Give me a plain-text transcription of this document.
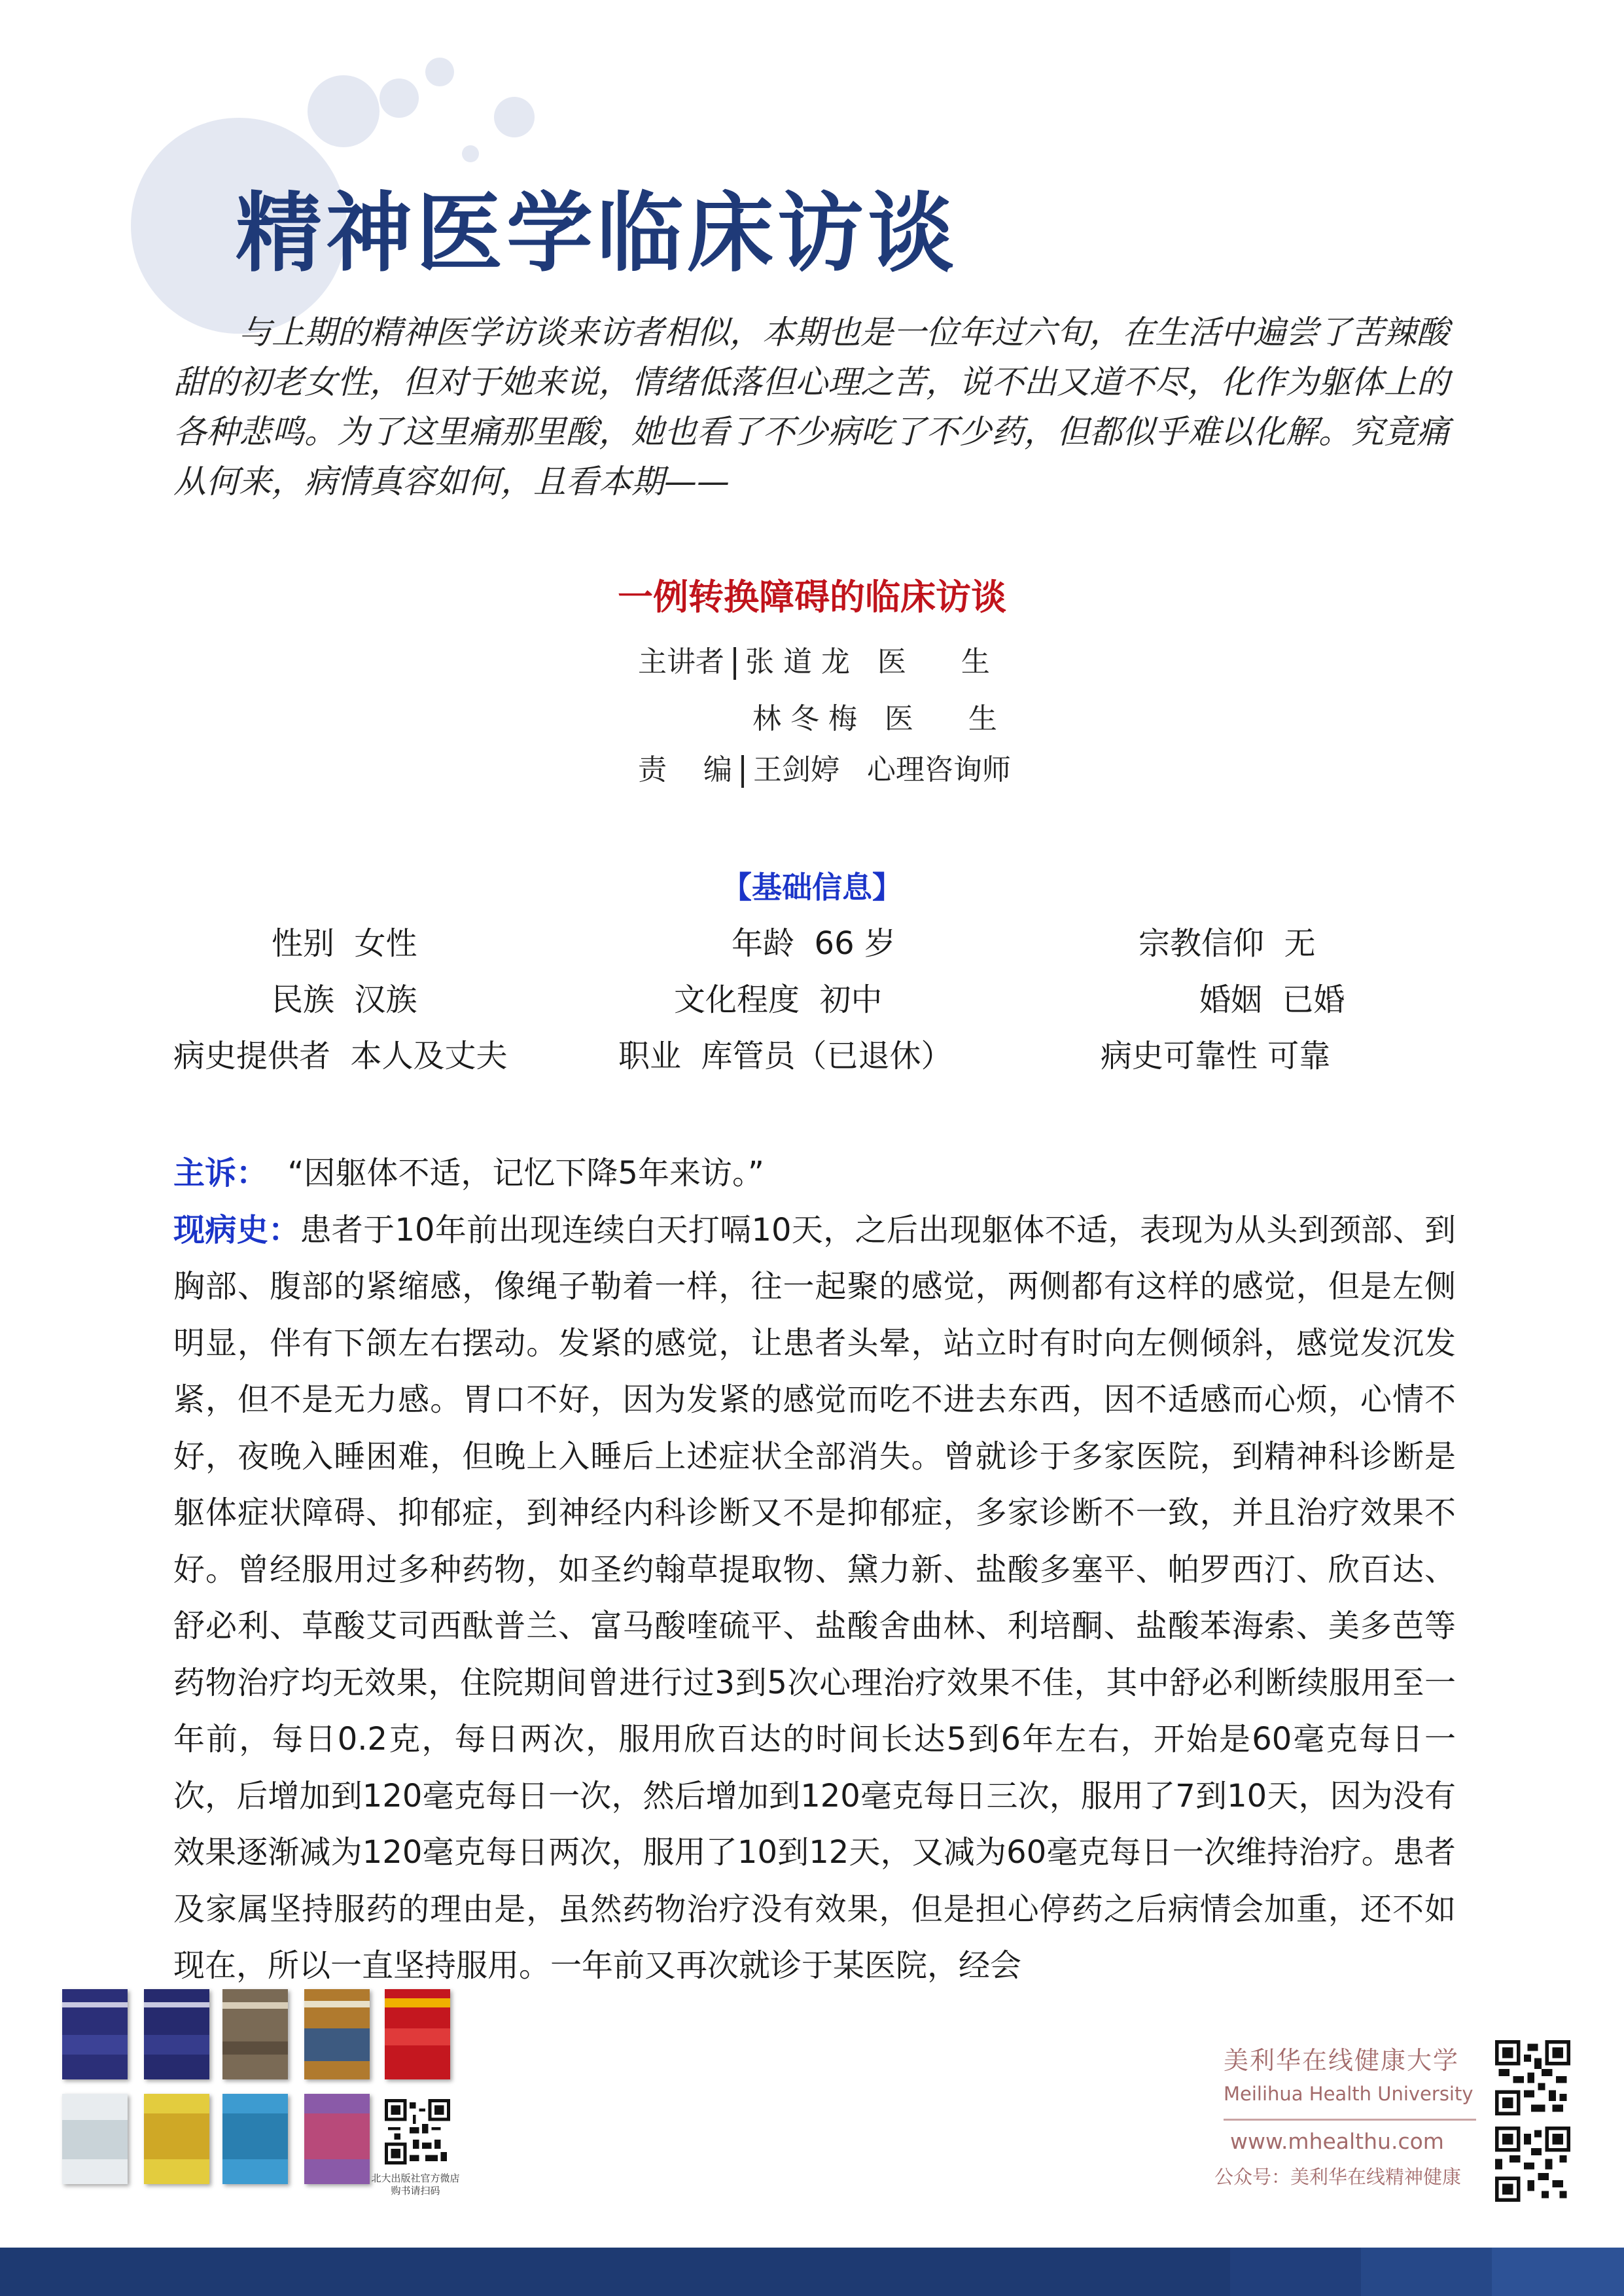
精神医学临床访谈

与上期的精神医学访谈来访者相似，本期也是一位年过六旬，在生活中遍尝了苦辣酸甜的初老女性，但对于她来说，情绪低落但心理之苦，说不出又道不尽，化作为躯体上的各种悲鸣。为了这里痛那里酸，她也看了不少病吃了不少药，但都似乎难以化解。究竟痛从何来，病情真容如何，且看本期——

一例转换障碍的临床访谈
主讲者 张 道 龙   医      生
林 冬 梅   医      生
责    编 王剑婷   心理咨询师
【基础信息】
性别 女性	年龄 66 岁	宗教信仰 无
民族 汉族	文化程度 初中	婚姻 已婚
病史提供者 本人及丈夫	职业 库管员（已退休）	病史可靠性 可靠

主诉： “因躯体不适，记忆下降5年来访。”

现病史：患者于10年前出现连续白天打嗝10天，之后出现躯体不适，表现为从头到颈部、到胸部、腹部的紧缩感，像绳子勒着一样，往一起聚的感觉，两侧都有这样的感觉，但是左侧明显，伴有下颌左右摆动。发紧的感觉，让患者头晕，站立时有时向左侧倾斜，感觉发沉发紧，但不是无力感。胃口不好，因为发紧的感觉而吃不进去东西，因不适感而心烦，心情不好，夜晚入睡困难，但晚上入睡后上述症状全部消失。曾就诊于多家医院，到精神科诊断是躯体症状障碍、抑郁症，到神经内科诊断又不是抑郁症，多家诊断不一致，并且治疗效果不好。曾经服用过多种药物，如圣约翰草提取物、黛力新、盐酸多塞平、帕罗西汀、欣百达、舒必利、草酸艾司西酞普兰、富马酸喹硫平、盐酸舍曲林、利培酮、盐酸苯海索、美多芭等药物治疗均无效果，住院期间曾进行过3到5次心理治疗效果不佳，其中舒必利断续服用至一年前，每日0.2克，每日两次，服用欣百达的时间长达5到6年左右，开始是60毫克每日一次，后增加到120毫克每日一次，然后增加到120毫克每日三次，服用了7到10天，因为没有效果逐渐减为120毫克每日两次，服用了10到12天，又减为60毫克每日一次维持治疗。患者及家属坚持服药的理由是，虽然药物治疗没有效果，但是担心停药之后病情会加重，还不如现在，所以一直坚持服用。一年前又再次就诊于某医院，经会

北大出版社官方微店
购书请扫码
美利华在线健康大学
Meilihua Health University
www.mhealthu.com
公众号：美利华在线精神健康
